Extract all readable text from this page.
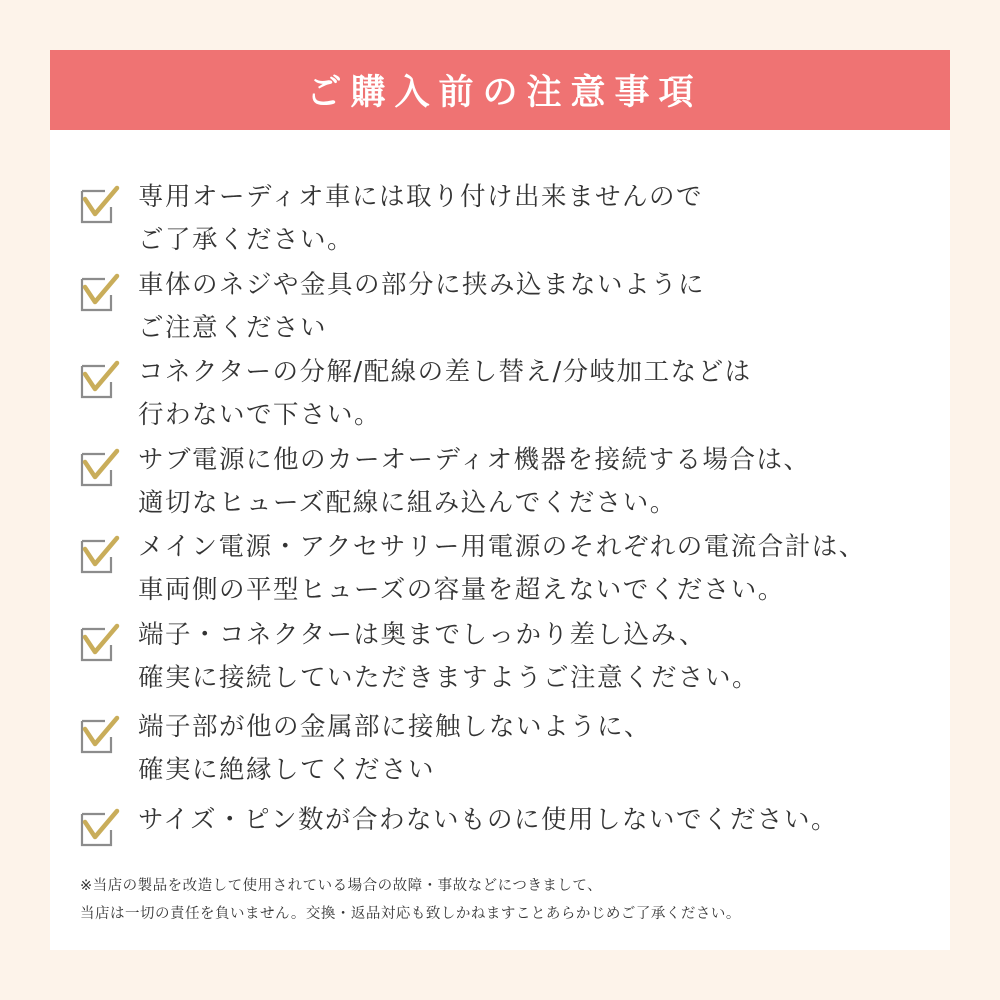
ご購入前の注意事項
専用オーディオ車には取り付け出来ませんので
ご了承ください。
車体のネジや金具の部分に挟み込まないように
ご注意ください
コネクターの分解/配線の差し替え/分岐加工などは
行わないで下さい。
サブ電源に他のカーオーディオ機器を接続する場合は、
適切なヒューズ配線に組み込んでください。
メイン電源・アクセサリー用電源のそれぞれの電流合計は、
車両側の平型ヒューズの容量を超えないでください。
端子・コネクターは奥までしっかり差し込み、
確実に接続していただきますようご注意ください。
端子部が他の金属部に接触しないように、
確実に絶縁してください
サイズ・ピン数が合わないものに使用しないでください。
※当店の製品を改造して使用されている場合の故障・事故などにつきまして、
当店は一切の責任を負いません。交換・返品対応も致しかねますことあらかじめご了承ください。
